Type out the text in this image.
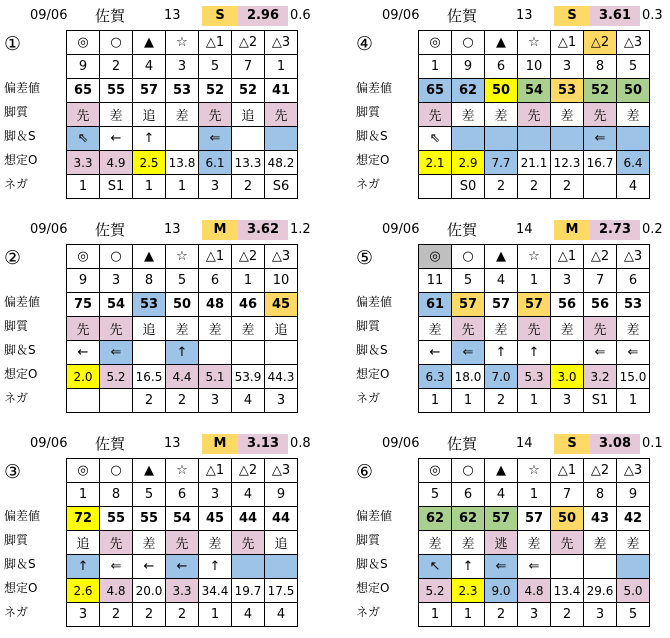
09/06 佐賀	13	S	2.96 0.6
①
偏差値
脚質
脚＆S
想定O
ネガ
◎	○	▲	☆	△1	△2	△3
9	2	4	3	5	7	1
65	55	57	53	52	52	41
先	差	追	差	先	追	先
⇖	←	↑		⇐		
3.3	4.9	2.5	13.8	6.1	13.3	48.2
1	S1	1	1	3	2	S6
09/06 佐賀	13	S	3.61 0.3
④
偏差値
脚質
脚＆S
想定O
ネガ
◎	○	▲	☆	△1	△2	△3
1	9	6	10	3	8	5
65	62	50	54	53	52	50
先	差	差	先	差	先	差
⇖					⇐	
2.1	2.9	7.7	21.1	12.3	16.7	6.4
	S0	2	2	2		4
09/06 佐賀	13	M	3.62 1.2
②
偏差値
脚質
脚＆S
想定O
ネガ
◎	○	▲	☆	△1	△2	△3
9	3	8	5	6	1	10
75	54	53	50	48	46	45
先	先	追	差	差	差	追
←	⇐		↑			
2.0	5.2	16.5	4.4	5.1	53.9	44.3
		2	2	3	4	3
09/06 佐賀	14	M	2.73 0.2
⑤
偏差値
脚質
脚＆S
想定O
ネガ
◎	○	▲	☆	△1	△2	△3
11	5	4	1	3	7	6
61	57	57	57	56	56	53
差	先	差	先	差	先	差
←	⇐	↑	↑		⇐	⇐
6.3	18.0	7.0	5.3	3.0	3.2	15.0
1	1	2	1	3	S1	1
09/06 佐賀	13	M	3.13 0.8
③
偏差値
脚質
脚＆S
想定O
ネガ
◎	○	▲	☆	△1	△2	△3
1	8	5	6	3	4	9
72	55	55	54	45	44	44
追	先	差	先	差	先	追
↑	⇐	←	←	↑		
2.6	4.8	20.0	3.3	34.4	19.7	17.5
3	2	2	2	1	4	4
09/06 佐賀	14	S	3.08 0.1
⑥
偏差値
脚質
脚＆S
想定O
ネガ
◎	○	▲	☆	△1	△2	△3
5	6	4	1	7	8	9
62	62	57	57	50	43	42
差	差	逃	差	先	差	差
↖	↑	⇐	⇐			
5.2	2.3	9.0	4.8	13.4	29.6	5.0
1	1	2	3	2	3	5
